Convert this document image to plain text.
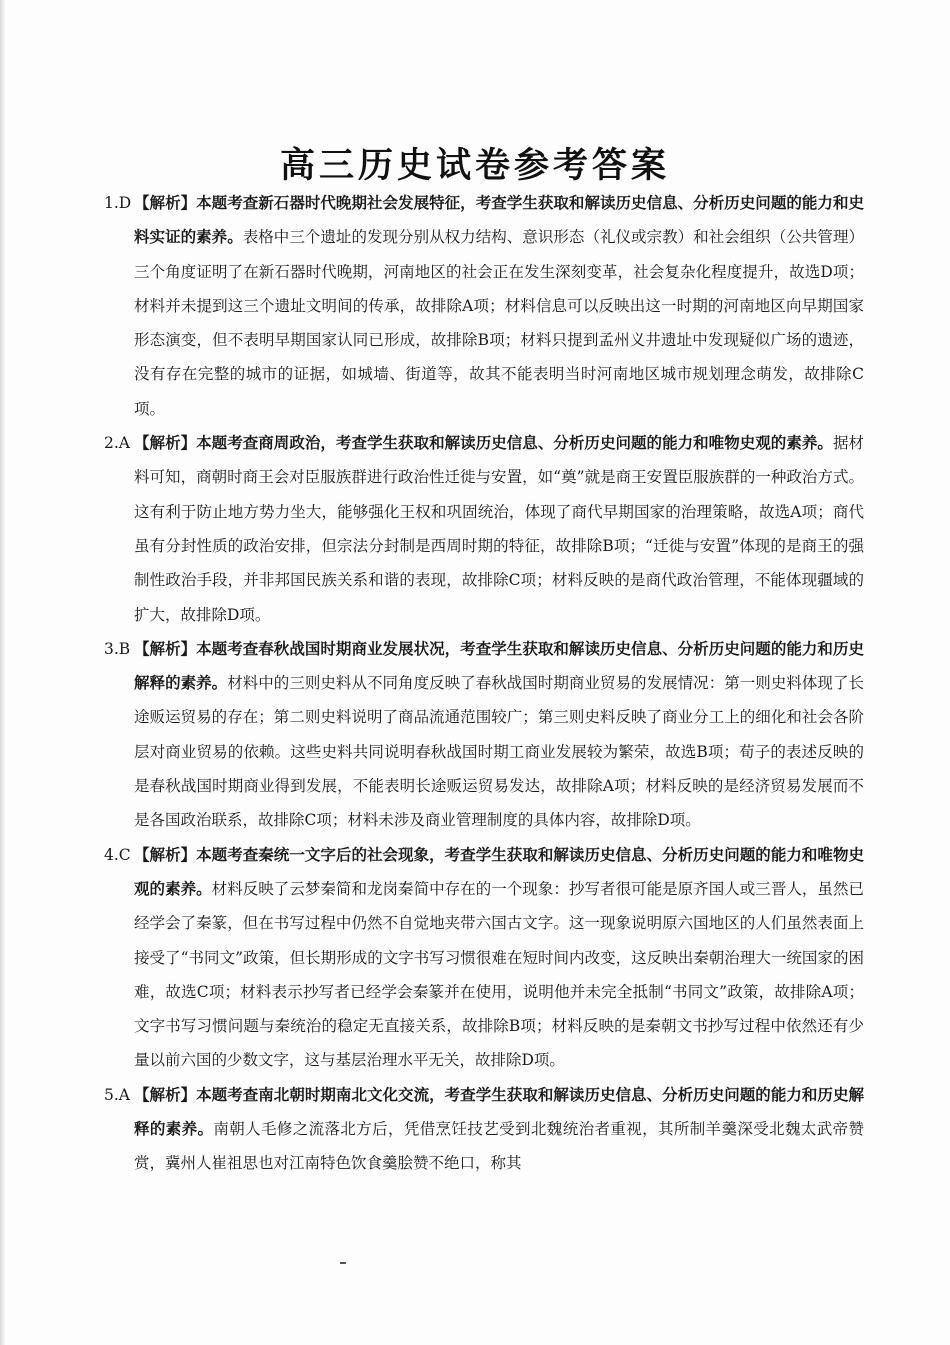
高三历史试卷参考答案

1.D 【解析】本题考查新石器时代晚期社会发展特征，考查学生获取和解读历史信息、分析历史问题的能力和史料实证的素养。表格中三个遗址的发现分别从权力结构、意识形态（礼仪或宗教）和社会组织（公共管理）三个角度证明了在新石器时代晚期，河南地区的社会正在发生深刻变革，社会复杂化程度提升，故选D项；材料并未提到这三个遗址文明间的传承，故排除A项；材料信息可以反映出这一时期的河南地区向早期国家形态演变，但不表明早期国家认同已形成，故排除B项；材料只提到孟州义井遗址中发现疑似广场的遗迹，没有存在完整的城市的证据，如城墙、街道等，故其不能表明当时河南地区城市规划理念萌发，故排除C项。

2.A 【解析】本题考查商周政治，考查学生获取和解读历史信息、分析历史问题的能力和唯物史观的素养。据材料可知，商朝时商王会对臣服族群进行政治性迁徙与安置，如“奠”就是商王安置臣服族群的一种政治方式。这有利于防止地方势力坐大，能够强化王权和巩固统治，体现了商代早期国家的治理策略，故选A项；商代虽有分封性质的政治安排，但宗法分封制是西周时期的特征，故排除B项；“迁徙与安置”体现的是商王的强制性政治手段，并非邦国民族关系和谐的表现，故排除C项；材料反映的是商代政治管理，不能体现疆域的扩大，故排除D项。

3.B 【解析】本题考查春秋战国时期商业发展状况，考查学生获取和解读历史信息、分析历史问题的能力和历史解释的素养。材料中的三则史料从不同角度反映了春秋战国时期商业贸易的发展情况：第一则史料体现了长途贩运贸易的存在；第二则史料说明了商品流通范围较广；第三则史料反映了商业分工上的细化和社会各阶层对商业贸易的依赖。这些史料共同说明春秋战国时期工商业发展较为繁荣，故选B项；荀子的表述反映的是春秋战国时期商业得到发展，不能表明长途贩运贸易发达，故排除A项；材料反映的是经济贸易发展而不是各国政治联系，故排除C项；材料未涉及商业管理制度的具体内容，故排除D项。

4.C 【解析】本题考查秦统一文字后的社会现象，考查学生获取和解读历史信息、分析历史问题的能力和唯物史观的素养。材料反映了云梦秦简和龙岗秦简中存在的一个现象：抄写者很可能是原齐国人或三晋人，虽然已经学会了秦篆，但在书写过程中仍然不自觉地夹带六国古文字。这一现象说明原六国地区的人们虽然表面上接受了“书同文”政策，但长期形成的文字书写习惯很难在短时间内改变，这反映出秦朝治理大一统国家的困难，故选C项；材料表示抄写者已经学会秦篆并在使用，说明他并未完全抵制“书同文”政策，故排除A项；文字书写习惯问题与秦统治的稳定无直接关系，故排除B项；材料反映的是秦朝文书抄写过程中依然还有少量以前六国的少数文字，这与基层治理水平无关，故排除D项。

5.A 【解析】本题考查南北朝时期南北文化交流，考查学生获取和解读历史信息、分析历史问题的能力和历史解释的素养。南朝人毛修之流落北方后，凭借烹饪技艺受到北魏统治者重视，其所制羊羹深受北魏太武帝赞赏，冀州人崔祖思也对江南特色饮食羹脍赞不绝口，称其
